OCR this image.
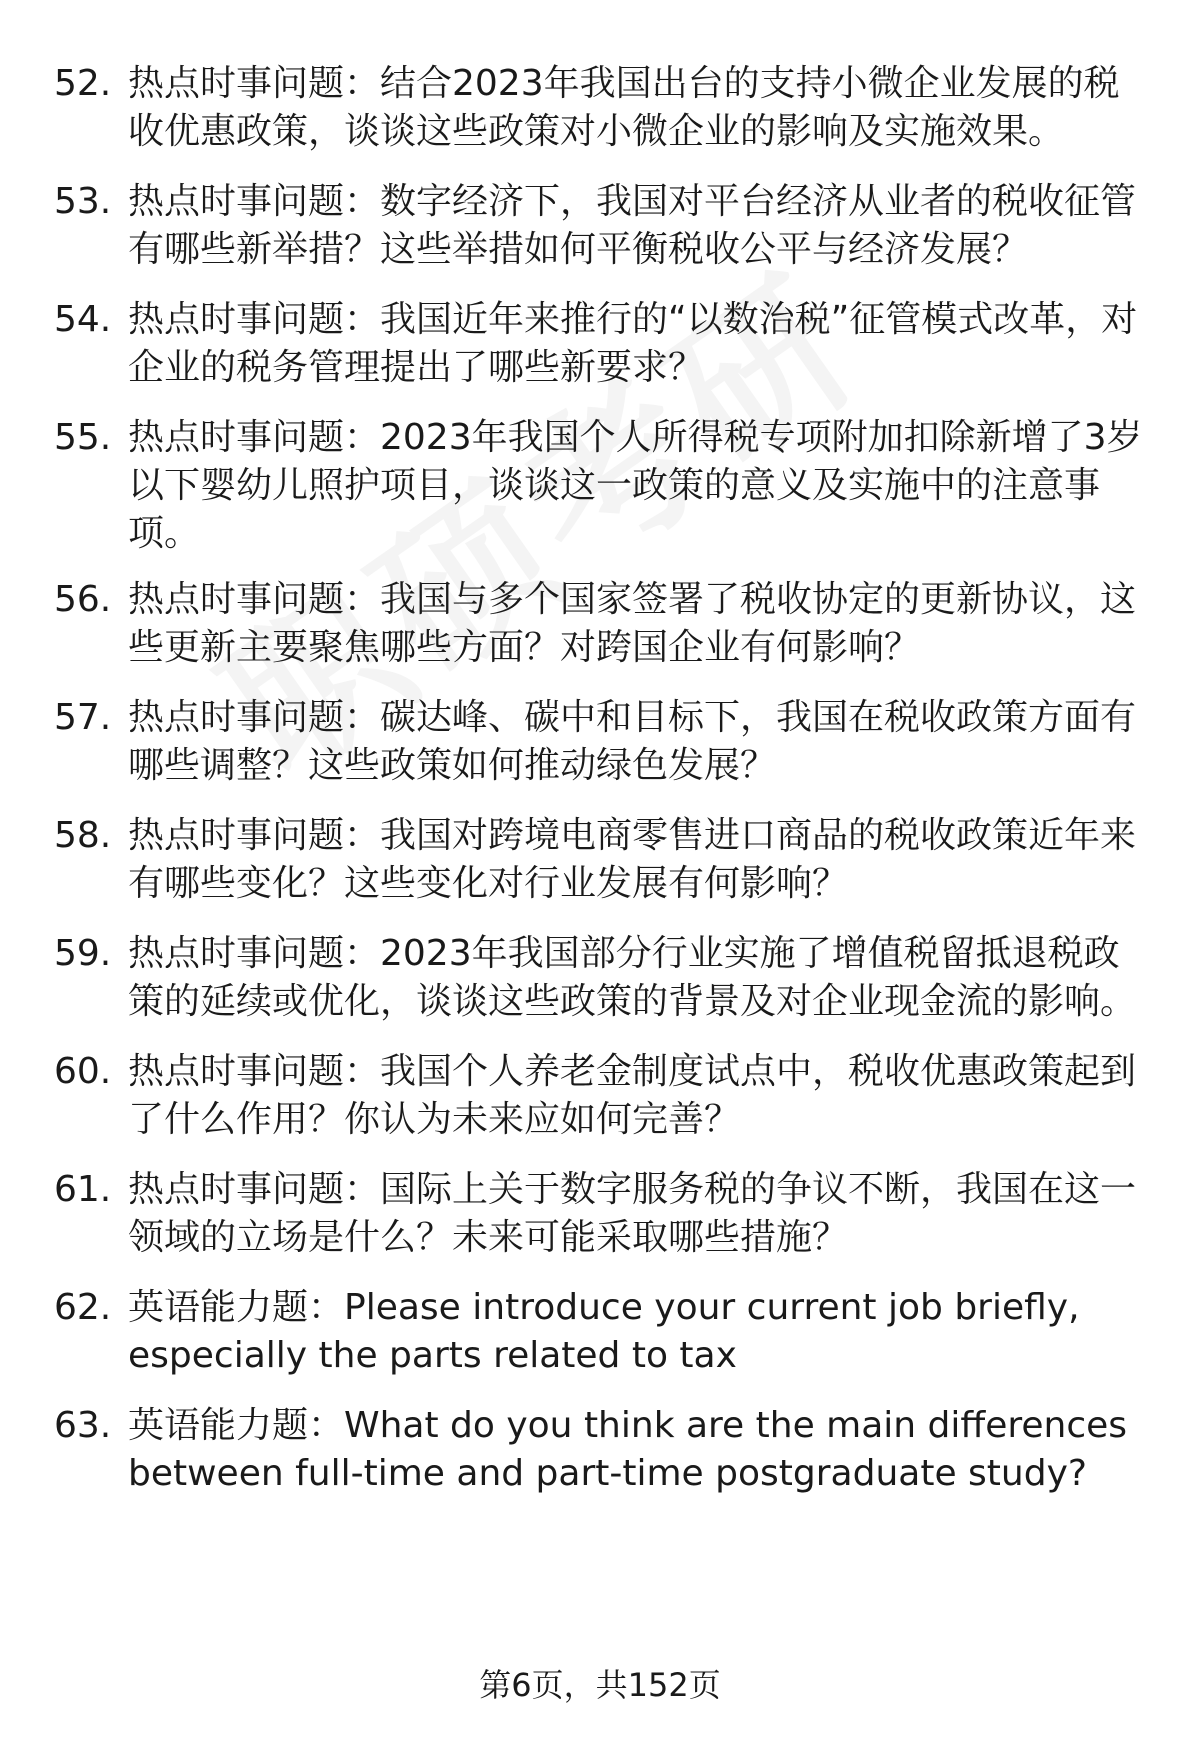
52. 热点时事问题：结合2023年我国出台的支持小微企业发展的税收优惠政策，谈谈这些政策对小微企业的影响及实施效果。
53. 热点时事问题：数字经济下，我国对平台经济从业者的税收征管有哪些新举措？这些举措如何平衡税收公平与经济发展？
54. 热点时事问题：我国近年来推行的“以数治税”征管模式改革，对企业的税务管理提出了哪些新要求？
55. 热点时事问题：2023年我国个人所得税专项附加扣除新增了3岁以下婴幼儿照护项目，谈谈这一政策的意义及实施中的注意事项。
56. 热点时事问题：我国与多个国家签署了税收协定的更新协议，这些更新主要聚焦哪些方面？对跨国企业有何影响？
57. 热点时事问题：碳达峰、碳中和目标下，我国在税收政策方面有哪些调整？这些政策如何推动绿色发展？
58. 热点时事问题：我国对跨境电商零售进口商品的税收政策近年来有哪些变化？这些变化对行业发展有何影响？
59. 热点时事问题：2023年我国部分行业实施了增值税留抵退税政策的延续或优化，谈谈这些政策的背景及对企业现金流的影响。
60. 热点时事问题：我国个人养老金制度试点中，税收优惠政策起到了什么作用？你认为未来应如何完善？
61. 热点时事问题：国际上关于数字服务税的争议不断，我国在这一领域的立场是什么？未来可能采取哪些措施？
62. 英语能力题：Please introduce your current job briefly, especially the parts related to tax
63. 英语能力题：What do you think are the main differences between full-time and part-time postgraduate study?
第6页，共152页
